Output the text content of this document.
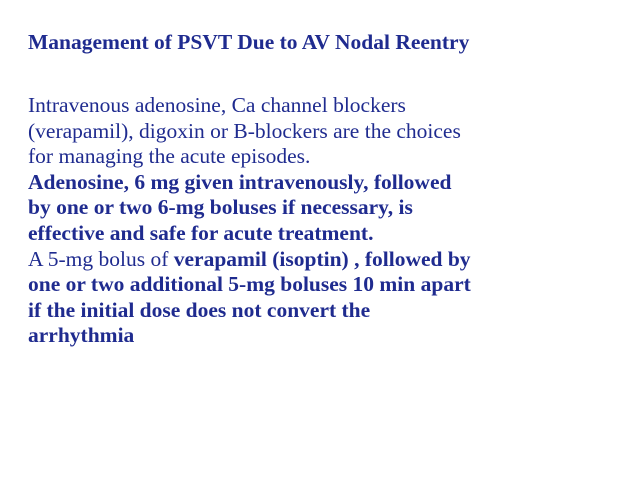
Management of PSVT Due to AV Nodal Reentry
Intravenous adenosine, Ca channel blockers
(verapamil), digoxin or B-blockers are the choices
for managing the acute episodes.
Adenosine, 6 mg given intravenously, followed
by one or two 6-mg boluses if necessary, is
effective and safe for acute treatment.
A 5-mg bolus of verapamil (isoptin) , followed by
one or two additional 5-mg boluses 10 min apart
if the initial dose does not convert the
arrhythmia
